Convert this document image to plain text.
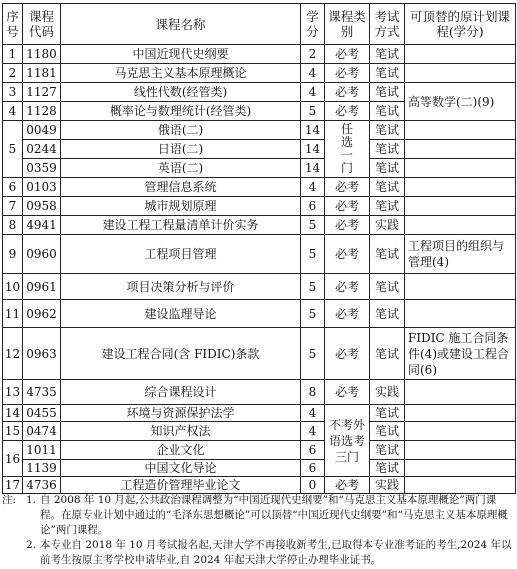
序号	课程代码	课程名称	学分	课程类别	考试方式	可顶替的原计划课程(学分)
1	1180	中国近现代史纲要	2	必考	笔试	
2	1181	马克思主义基本原理概论	4	必考	笔试	
3	1127	线性代数(经管类)	4	必考	笔试	高等数学(二)(9)
4	1128	概率论与数理统计(经管类)	5	必考	笔试	
5	0049	俄语(二)	14	任选一门	笔试	
	0244	日语(二)	14		笔试	
	0359	英语(二)	14		笔试	
6	0103	管理信息系统	4	必考	笔试	
7	0958	城市规划原理	6	必考	笔试	
8	4941	建设工程工程量清单计价实务	5	必考	实践	
9	0960	工程项目管理	5	必考	笔试	工程项目的组织与管理(4)
10	0961	项目决策分析与评价	5	必考	笔试	
11	0962	建设监理导论	5	必考	笔试	
12	0963	建设工程合同(含 FIDIC)条款	5	必考	笔试	FIDIC 施工合同条件(4)或建设工程合同(6)
13	4735	综合课程设计	8	必考	实践	
14	0455	环境与资源保护法学	4	不考外语选考三门	笔试	
15	0474	知识产权法	4		笔试	
16	1011	企业文化	6		笔试	
	1139	中国文化导论	6		笔试	
17	4736	工程造价管理毕业论文	0	必考	实践	
注: 1. 自 2008 年 10 月起,公共政治课程调整为“中国近现代史纲要”和“马克思主义基本原理概论”两门课程。在原专业计划中通过的“毛泽东思想概论”可以顶替“中国近现代史纲要”和“马克思主义基本原理概论”两门课程。
2. 本专业自 2018 年 10 月考试报名起,天津大学不再接收新考生,已取得本专业准考证的考生,2024 年以前考生按原主考学校申请毕业,自 2024 年起天津大学停止办理毕业证书。
